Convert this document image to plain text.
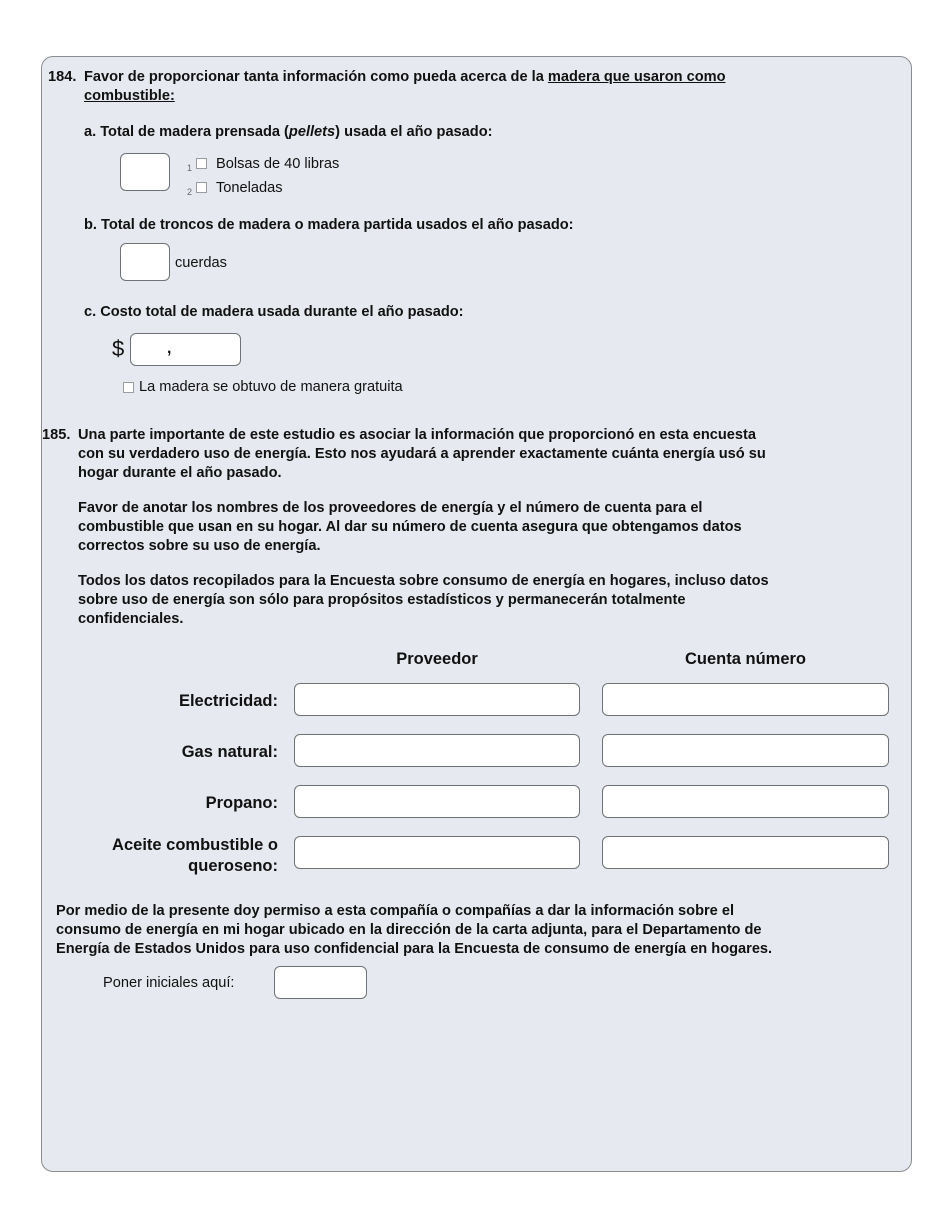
184. Favor de proporcionar tanta información como pueda acerca de la madera que usaron como
combustible:
a. Total de madera prensada (pellets) usada el año pasado:
1 Bolsas de 40 libras
2 Toneladas
b. Total de troncos de madera o madera partida usados el año pasado:
cuerdas
c. Costo total de madera usada durante el año pasado:
$	,
La madera se obtuvo de manera gratuita
185. Una parte importante de este estudio es asociar la información que proporcionó en esta encuesta
con su verdadero uso de energía. Esto nos ayudará a aprender exactamente cuánta energía usó su
hogar durante el año pasado.
Favor de anotar los nombres de los proveedores de energía y el número de cuenta para el
combustible que usan en su hogar. Al dar su número de cuenta asegura que obtengamos datos
correctos sobre su uso de energía.
Todos los datos recopilados para la Encuesta sobre consumo de energía en hogares, incluso datos
sobre uso de energía son sólo para propósitos estadísticos y permanecerán totalmente
confidenciales.
Proveedor	Cuenta número
Electricidad:
Gas natural:
Propano:
Aceite combustible o
queroseno:
Por medio de la presente doy permiso a esta compañía o compañías a dar la información sobre el
consumo de energía en mi hogar ubicado en la dirección de la carta adjunta, para el Departamento de
Energía de Estados Unidos para uso confidencial para la Encuesta de consumo de energía en hogares.
Poner iniciales aquí:
